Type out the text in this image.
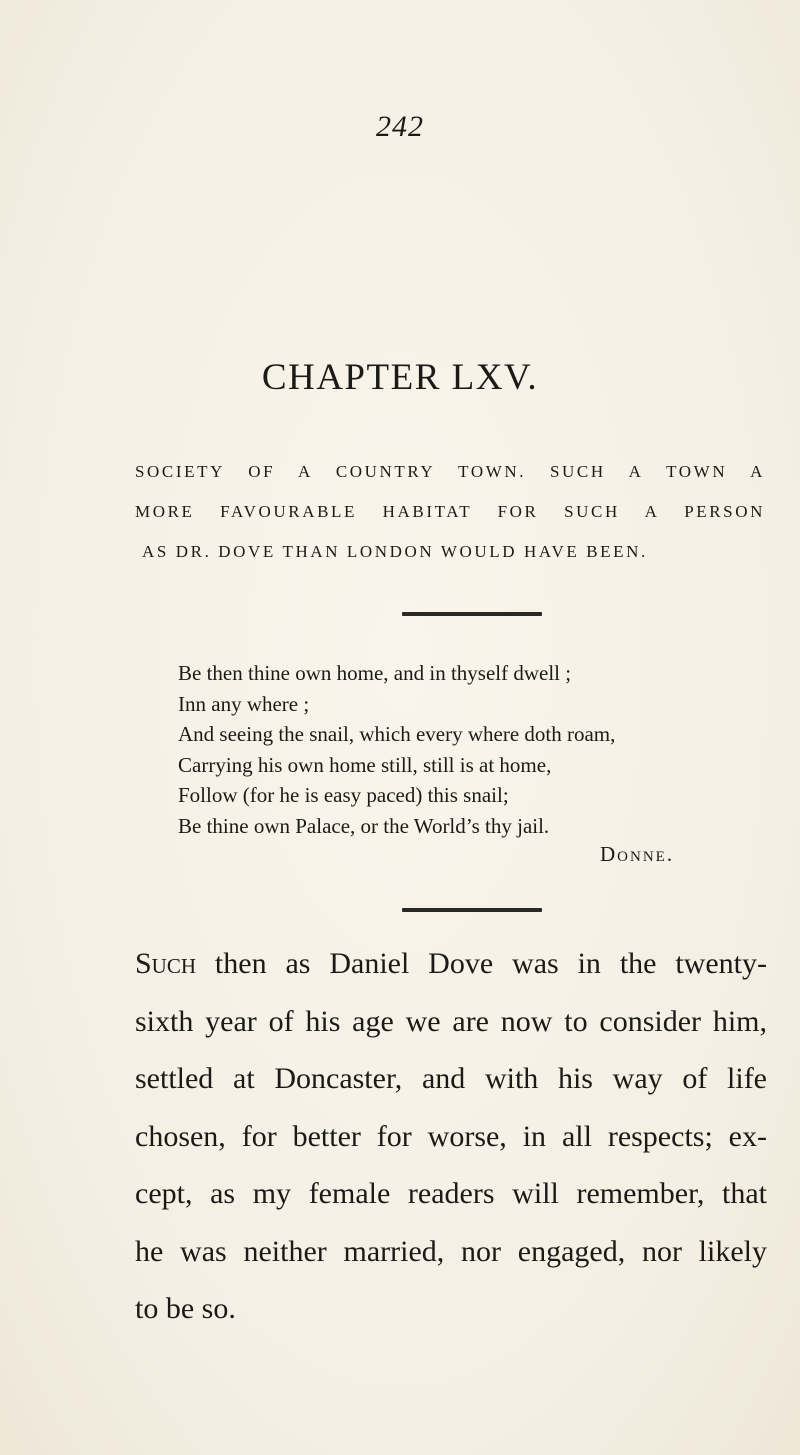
242
CHAPTER LXV.
SOCIETY OF A COUNTRY TOWN. SUCH A TOWN A
MORE FAVOURABLE HABITAT FOR SUCH A PERSON
AS DR. DOVE THAN LONDON WOULD HAVE BEEN.
Be then thine own home, and in thyself dwell ;
Inn any where ;
And seeing the snail, which every where doth roam,
Carrying his own home still, still is at home,
Follow (for he is easy paced) this snail;
Be thine own Palace, or the World’s thy jail.
Donne.
Such then as Daniel Dove was in the twenty-
sixth year of his age we are now to consider him,
settled at Doncaster, and with his way of life
chosen, for better for worse, in all respects; ex-
cept, as my female readers will remember, that
he was neither married, nor engaged, nor likely
to be so.
